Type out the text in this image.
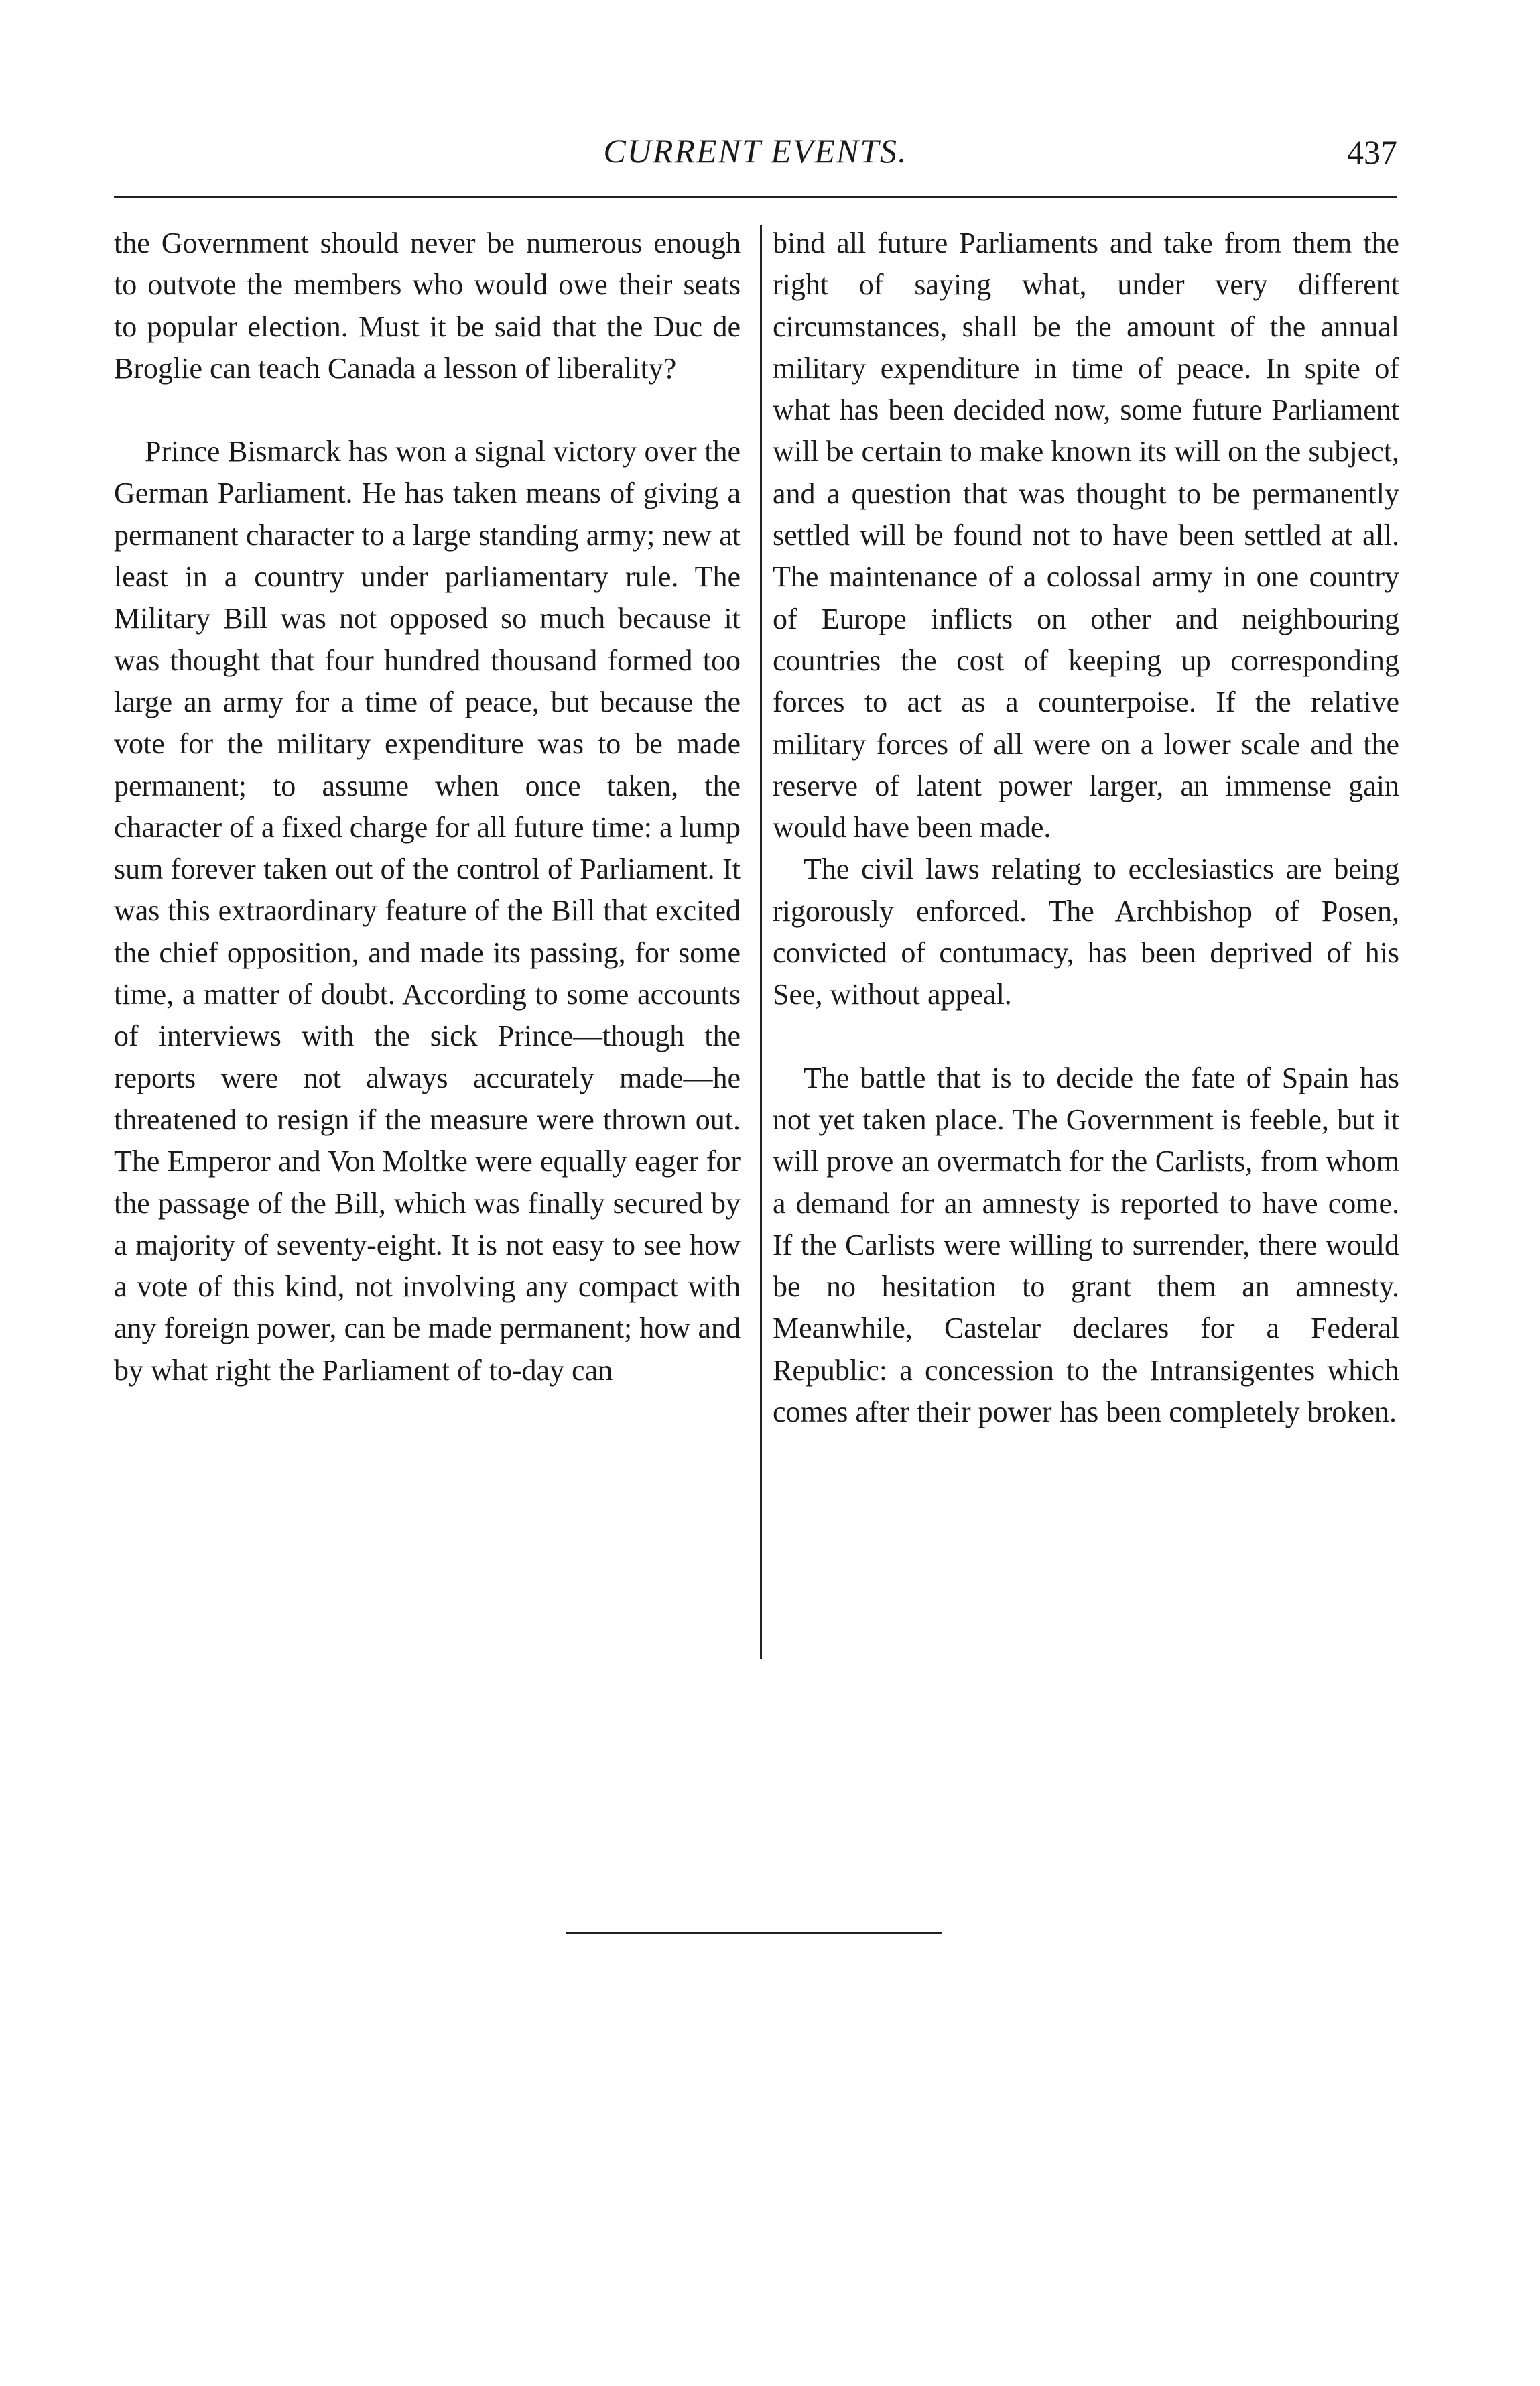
CURRENT EVENTS.	437

the Government should never be numerous enough to outvote the members who would owe their seats to popular election. Must it be said that the Duc de Broglie can teach Canada a lesson of liberality?

Prince Bismarck has won a signal victory over the German Parliament. He has taken means of giving a permanent character to a large standing army; new at least in a country under parliamentary rule. The Military Bill was not opposed so much because it was thought that four hundred thousand formed too large an army for a time of peace, but because the vote for the military expenditure was to be made permanent; to assume when once taken, the character of a fixed charge for all future time: a lump sum forever taken out of the control of Parliament. It was this extraordinary feature of the Bill that excited the chief opposition, and made its passing, for some time, a matter of doubt. According to some accounts of interviews with the sick Prince—though the reports were not always accurately made—he threatened to resign if the measure were thrown out. The Emperor and Von Moltke were equally eager for the passage of the Bill, which was finally secured by a majority of seventy-eight. It is not easy to see how a vote of this kind, not involving any compact with any foreign power, can be made permanent; how and by what right the Parliament of to-day can

bind all future Parliaments and take from them the right of saying what, under very different circumstances, shall be the amount of the annual military expenditure in time of peace. In spite of what has been decided now, some future Parliament will be certain to make known its will on the subject, and a question that was thought to be permanently settled will be found not to have been settled at all. The maintenance of a colossal army in one country of Europe inflicts on other and neighbouring countries the cost of keeping up corresponding forces to act as a counterpoise. If the relative military forces of all were on a lower scale and the reserve of latent power larger, an immense gain would have been made.

The civil laws relating to ecclesiastics are being rigorously enforced. The Archbishop of Posen, convicted of contumacy, has been deprived of his See, without appeal.

The battle that is to decide the fate of Spain has not yet taken place. The Government is feeble, but it will prove an overmatch for the Carlists, from whom a demand for an amnesty is reported to have come. If the Carlists were willing to surrender, there would be no hesitation to grant them an amnesty. Meanwhile, Castelar declares for a Federal Republic: a concession to the Intransigentes which comes after their power has been completely broken.
